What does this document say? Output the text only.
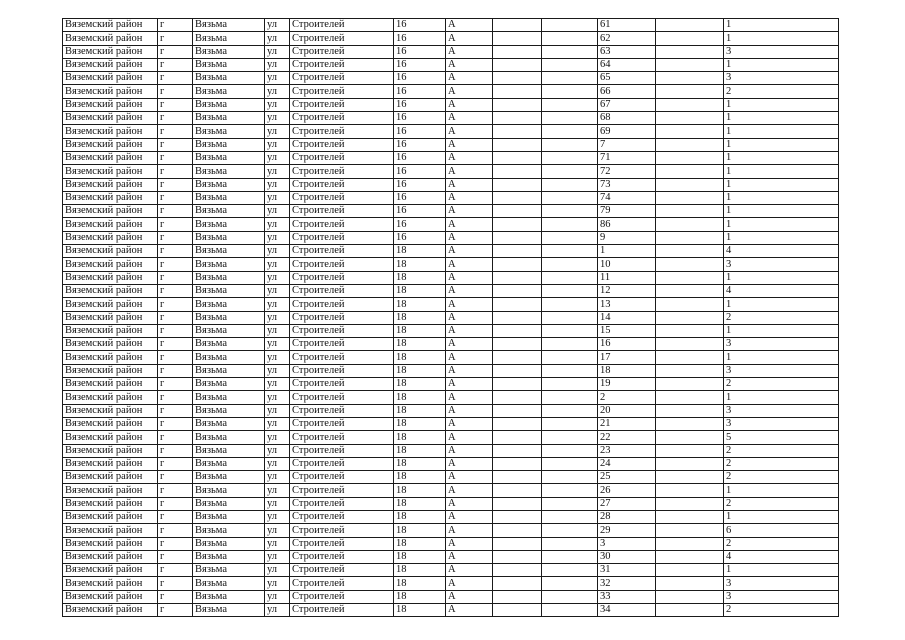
Вяземский район	г	Вязьма	ул	Строителей	16	А			61		1
Вяземский район	г	Вязьма	ул	Строителей	16	А			62		1
Вяземский район	г	Вязьма	ул	Строителей	16	А			63		3
Вяземский район	г	Вязьма	ул	Строителей	16	А			64		1
Вяземский район	г	Вязьма	ул	Строителей	16	А			65		3
Вяземский район	г	Вязьма	ул	Строителей	16	А			66		2
Вяземский район	г	Вязьма	ул	Строителей	16	А			67		1
Вяземский район	г	Вязьма	ул	Строителей	16	А			68		1
Вяземский район	г	Вязьма	ул	Строителей	16	А			69		1
Вяземский район	г	Вязьма	ул	Строителей	16	А			7		1
Вяземский район	г	Вязьма	ул	Строителей	16	А			71		1
Вяземский район	г	Вязьма	ул	Строителей	16	А			72		1
Вяземский район	г	Вязьма	ул	Строителей	16	А			73		1
Вяземский район	г	Вязьма	ул	Строителей	16	А			74		1
Вяземский район	г	Вязьма	ул	Строителей	16	А			79		1
Вяземский район	г	Вязьма	ул	Строителей	16	А			86		1
Вяземский район	г	Вязьма	ул	Строителей	16	А			9		1
Вяземский район	г	Вязьма	ул	Строителей	18	А			1		4
Вяземский район	г	Вязьма	ул	Строителей	18	А			10		3
Вяземский район	г	Вязьма	ул	Строителей	18	А			11		1
Вяземский район	г	Вязьма	ул	Строителей	18	А			12		4
Вяземский район	г	Вязьма	ул	Строителей	18	А			13		1
Вяземский район	г	Вязьма	ул	Строителей	18	А			14		2
Вяземский район	г	Вязьма	ул	Строителей	18	А			15		1
Вяземский район	г	Вязьма	ул	Строителей	18	А			16		3
Вяземский район	г	Вязьма	ул	Строителей	18	А			17		1
Вяземский район	г	Вязьма	ул	Строителей	18	А			18		3
Вяземский район	г	Вязьма	ул	Строителей	18	А			19		2
Вяземский район	г	Вязьма	ул	Строителей	18	А			2		1
Вяземский район	г	Вязьма	ул	Строителей	18	А			20		3
Вяземский район	г	Вязьма	ул	Строителей	18	А			21		3
Вяземский район	г	Вязьма	ул	Строителей	18	А			22		5
Вяземский район	г	Вязьма	ул	Строителей	18	А			23		2
Вяземский район	г	Вязьма	ул	Строителей	18	А			24		2
Вяземский район	г	Вязьма	ул	Строителей	18	А			25		2
Вяземский район	г	Вязьма	ул	Строителей	18	А			26		1
Вяземский район	г	Вязьма	ул	Строителей	18	А			27		2
Вяземский район	г	Вязьма	ул	Строителей	18	А			28		1
Вяземский район	г	Вязьма	ул	Строителей	18	А			29		6
Вяземский район	г	Вязьма	ул	Строителей	18	А			3		2
Вяземский район	г	Вязьма	ул	Строителей	18	А			30		4
Вяземский район	г	Вязьма	ул	Строителей	18	А			31		1
Вяземский район	г	Вязьма	ул	Строителей	18	А			32		3
Вяземский район	г	Вязьма	ул	Строителей	18	А			33		3
Вяземский район	г	Вязьма	ул	Строителей	18	А			34		2
